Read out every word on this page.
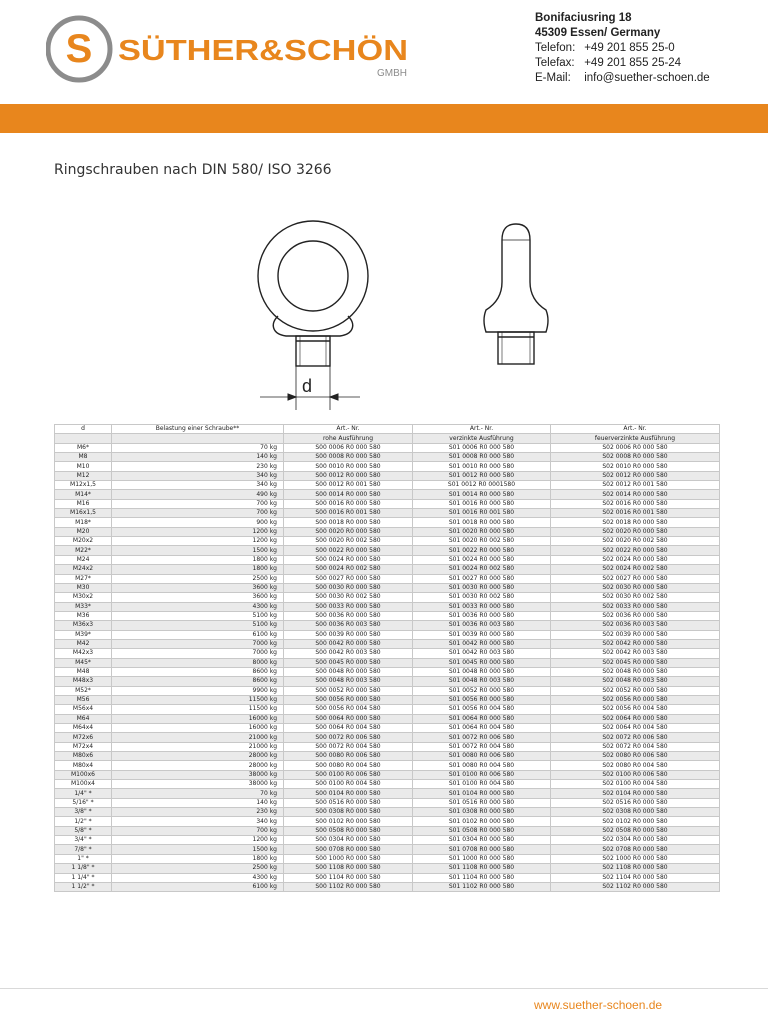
S SÜTHER&SCHÖN
GMBH
Bonifaciusring 18
45309 Essen/ Germany
Telefon: +49 201 855 25-0
Telefax: +49 201 855 25-24
E-Mail: info@suether-schoen.de
Ringschrauben nach DIN 580/ ISO 3266
d
d	Belastung einer Schraube**	Art.- Nr.	Art.- Nr.	Art.- Nr.
		rohe Ausführung	verzinkte Ausführung	feuerverzinkte Ausführung
M6*	70 kg	S00 0006 R0 000 580	S01 0006 R0 000 580	S02 0006 R0 000 580
M8	140 kg	S00 0008 R0 000 580	S01 0008 R0 000 580	S02 0008 R0 000 580
M10	230 kg	S00 0010 R0 000 580	S01 0010 R0 000 580	S02 0010 R0 000 580
M12	340 kg	S00 0012 R0 000 580	S01 0012 R0 000 580	S02 0012 R0 000 580
M12x1,5	340 kg	S00 0012 R0 001 580	S01 0012 R0 0001580	S02 0012 R0 001 580
M14*	490 kg	S00 0014 R0 000 580	S01 0014 R0 000 580	S02 0014 R0 000 580
M16	700 kg	S00 0016 R0 000 580	S01 0016 R0 000 580	S02 0016 R0 000 580
M16x1,5	700 kg	S00 0016 R0 001 580	S01 0016 R0 001 580	S02 0016 R0 001 580
M18*	900 kg	S00 0018 R0 000 580	S01 0018 R0 000 580	S02 0018 R0 000 580
M20	1200 kg	S00 0020 R0 000 580	S01 0020 R0 000 580	S02 0020 R0 000 580
M20x2	1200 kg	S00 0020 R0 002 580	S01 0020 R0 002 580	S02 0020 R0 002 580
M22*	1500 kg	S00 0022 R0 000 580	S01 0022 R0 000 580	S02 0022 R0 000 580
M24	1800 kg	S00 0024 R0 000 580	S01 0024 R0 000 580	S02 0024 R0 000 580
M24x2	1800 kg	S00 0024 R0 002 580	S01 0024 R0 002 580	S02 0024 R0 002 580
M27*	2500 kg	S00 0027 R0 000 580	S01 0027 R0 000 580	S02 0027 R0 000 580
M30	3600 kg	S00 0030 R0 000 580	S01 0030 R0 000 580	S02 0030 R0 000 580
M30x2	3600 kg	S00 0030 R0 002 580	S01 0030 R0 002 580	S02 0030 R0 002 580
M33*	4300 kg	S00 0033 R0 000 580	S01 0033 R0 000 580	S02 0033 R0 000 580
M36	5100 kg	S00 0036 R0 000 580	S01 0036 R0 000 580	S02 0036 R0 000 580
M36x3	5100 kg	S00 0036 R0 003 580	S01 0036 R0 003 580	S02 0036 R0 003 580
M39*	6100 kg	S00 0039 R0 000 580	S01 0039 R0 000 580	S02 0039 R0 000 580
M42	7000 kg	S00 0042 R0 000 580	S01 0042 R0 000 580	S02 0042 R0 000 580
M42x3	7000 kg	S00 0042 R0 003 580	S01 0042 R0 003 580	S02 0042 R0 003 580
M45*	8000 kg	S00 0045 R0 000 580	S01 0045 R0 000 580	S02 0045 R0 000 580
M48	8600 kg	S00 0048 R0 000 580	S01 0048 R0 000 580	S02 0048 R0 000 580
M48x3	8600 kg	S00 0048 R0 003 580	S01 0048 R0 003 580	S02 0048 R0 003 580
M52*	9900 kg	S00 0052 R0 000 580	S01 0052 R0 000 580	S02 0052 R0 000 580
M56	11500 kg	S00 0056 R0 000 580	S01 0056 R0 000 580	S02 0056 R0 000 580
M56x4	11500 kg	S00 0056 R0 004 580	S01 0056 R0 004 580	S02 0056 R0 004 580
M64	16000 kg	S00 0064 R0 000 580	S01 0064 R0 000 580	S02 0064 R0 000 580
M64x4	16000 kg	S00 0064 R0 004 580	S01 0064 R0 004 580	S02 0064 R0 004 580
M72x6	21000 kg	S00 0072 R0 006 580	S01 0072 R0 006 580	S02 0072 R0 006 580
M72x4	21000 kg	S00 0072 R0 004 580	S01 0072 R0 004 580	S02 0072 R0 004 580
M80x6	28000 kg	S00 0080 R0 006 580	S01 0080 R0 006 580	S02 0080 R0 006 580
M80x4	28000 kg	S00 0080 R0 004 580	S01 0080 R0 004 580	S02 0080 R0 004 580
M100x6	38000 kg	S00 0100 R0 006 580	S01 0100 R0 006 580	S02 0100 R0 006 580
M100x4	38000 kg	S00 0100 R0 004 580	S01 0100 R0 004 580	S02 0100 R0 004 580
1/4" *	70 kg	S00 0104 R0 000 580	S01 0104 R0 000 580	S02 0104 R0 000 580
5/16" *	140 kg	S00 0516 R0 000 580	S01 0516 R0 000 580	S02 0516 R0 000 580
3/8" *	230 kg	S00 0308 R0 000 580	S01 0308 R0 000 580	S02 0308 R0 000 580
1/2" *	340 kg	S00 0102 R0 000 580	S01 0102 R0 000 580	S02 0102 R0 000 580
5/8" *	700 kg	S00 0508 R0 000 580	S01 0508 R0 000 580	S02 0508 R0 000 580
3/4" *	1200 kg	S00 0304 R0 000 580	S01 0304 R0 000 580	S02 0304 R0 000 580
7/8" *	1500 kg	S00 0708 R0 000 580	S01 0708 R0 000 580	S02 0708 R0 000 580
1" *	1800 kg	S00 1000 R0 000 580	S01 1000 R0 000 580	S02 1000 R0 000 580
1 1/8" *	2500 kg	S00 1108 R0 000 580	S01 1108 R0 000 580	S02 1108 R0 000 580
1 1/4" *	4300 kg	S00 1104 R0 000 580	S01 1104 R0 000 580	S02 1104 R0 000 580
1 1/2" *	6100 kg	S00 1102 R0 000 580	S01 1102 R0 000 580	S02 1102 R0 000 580
www.suether-schoen.de
